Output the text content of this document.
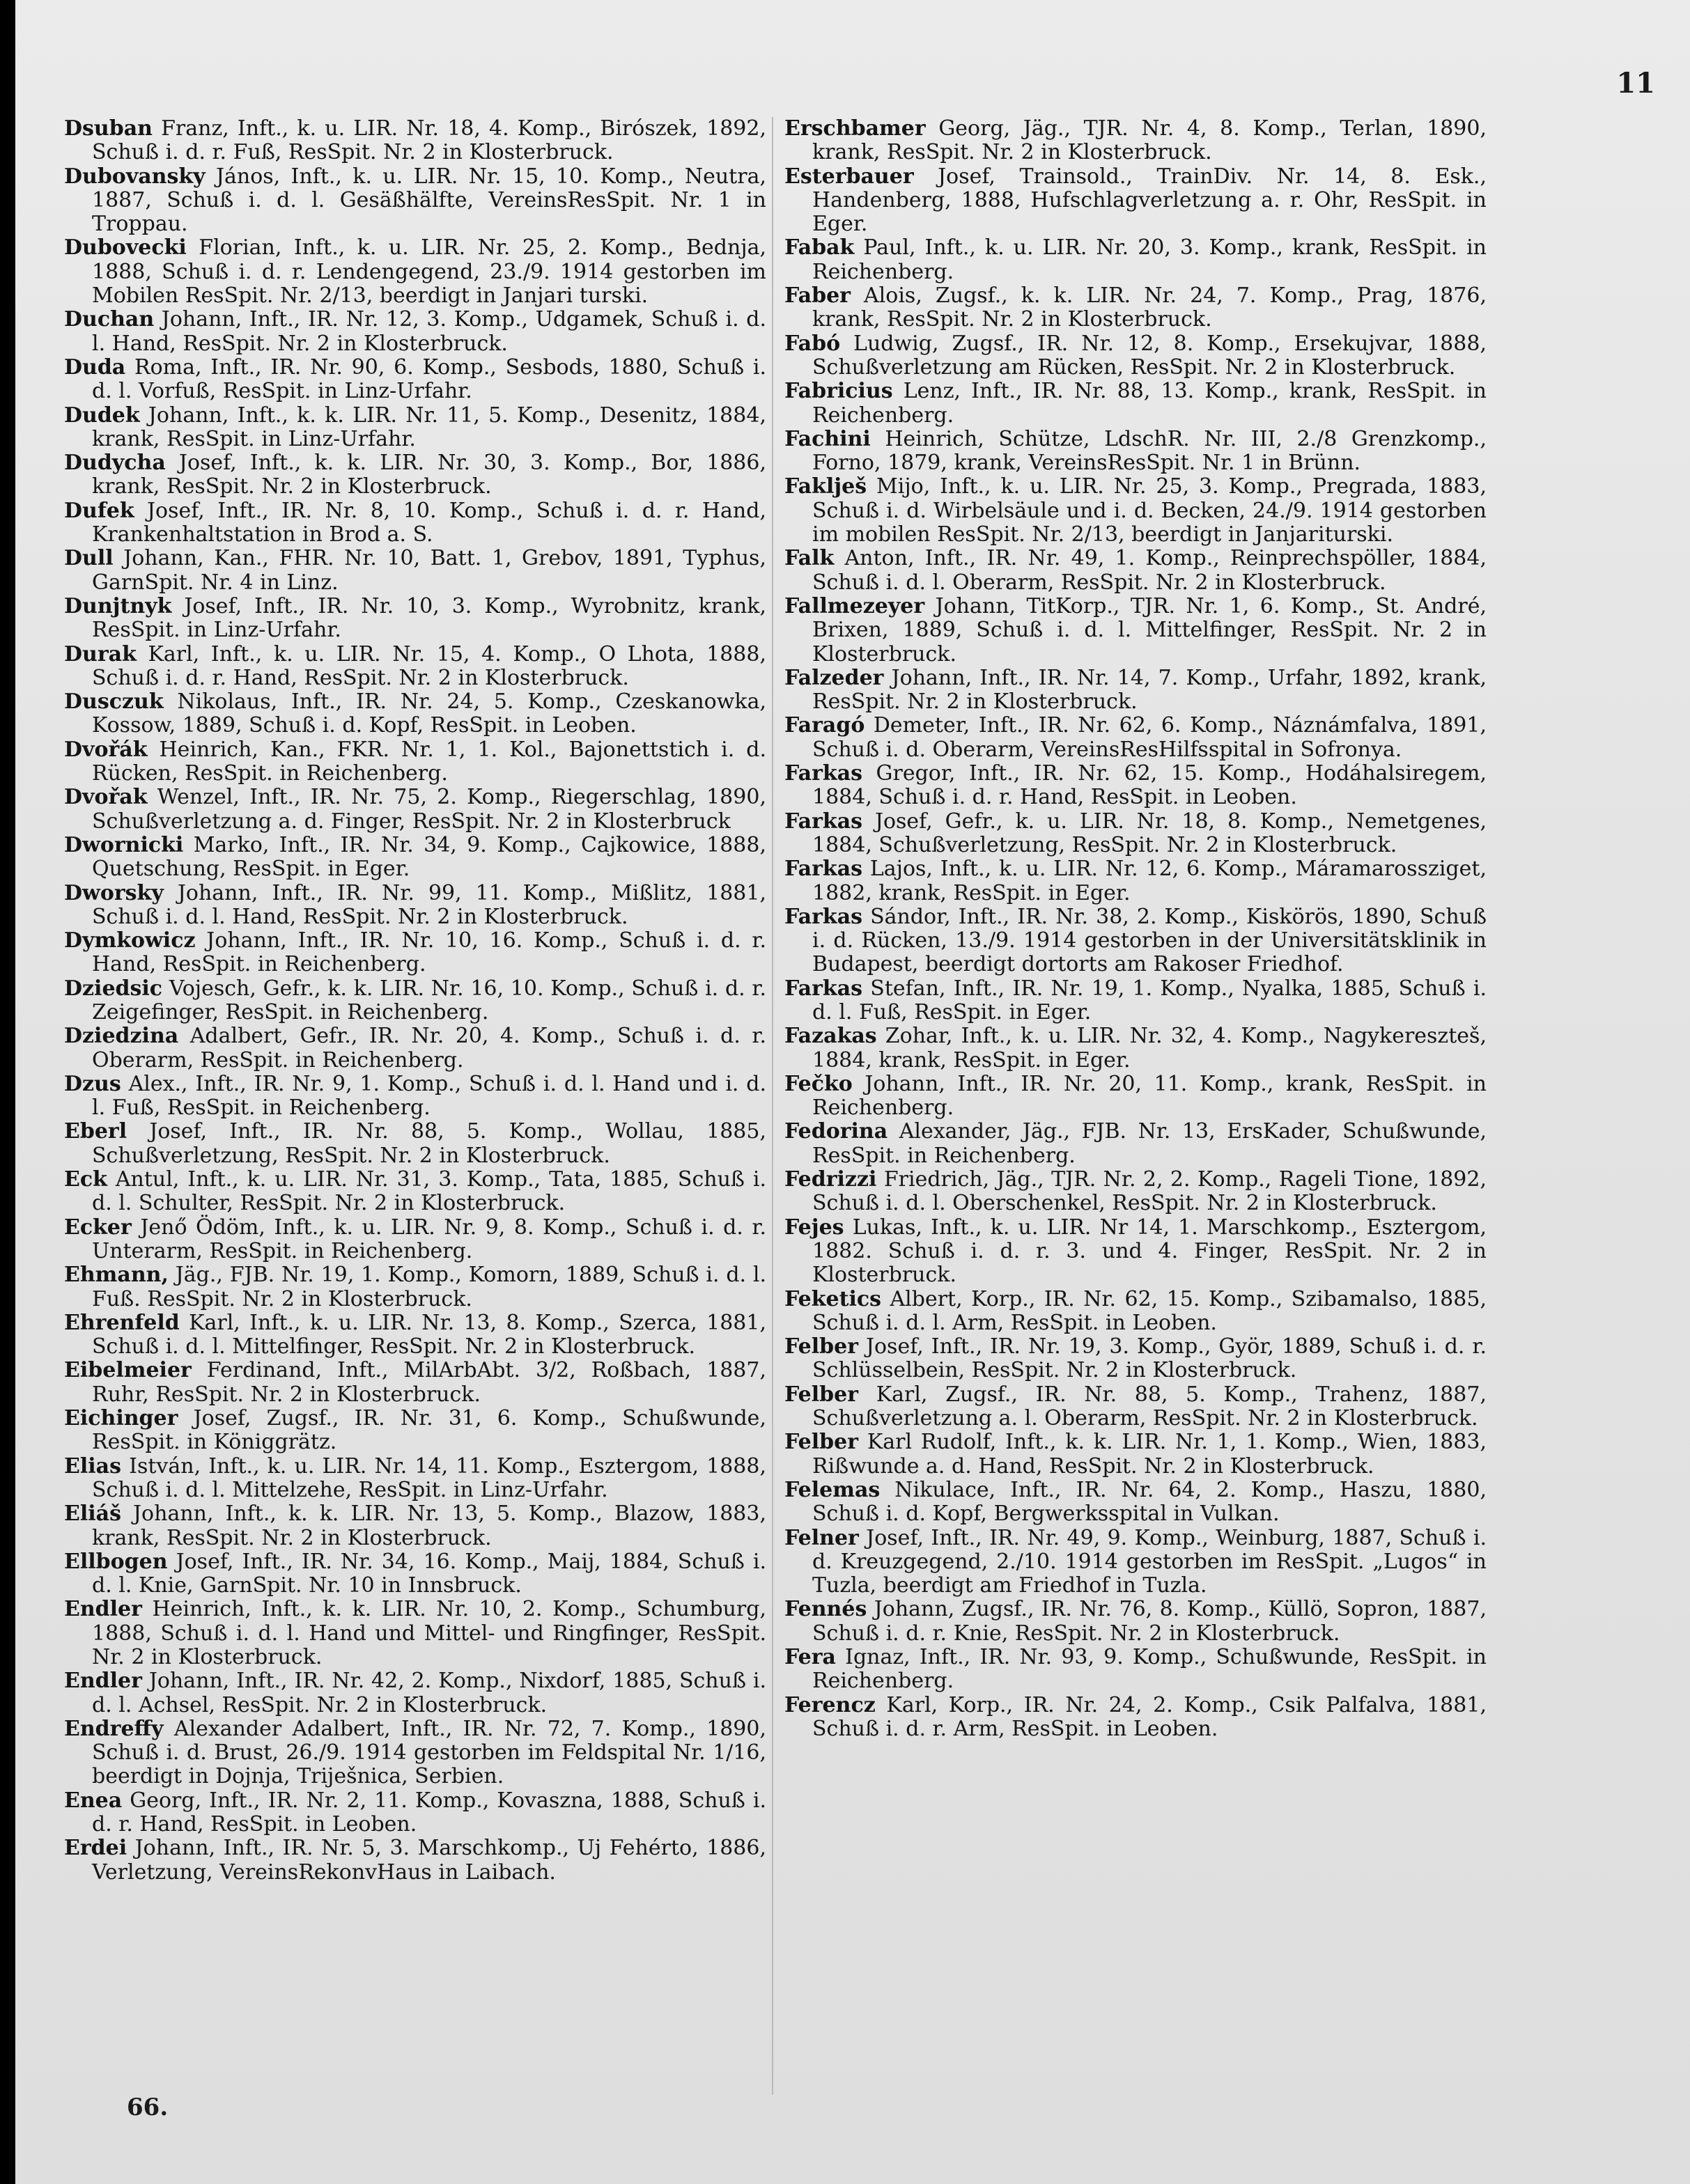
11
Dsuban Franz, Inft., k. u. LIR. Nr. 18, 4. Komp., Birószek, 1892, Schuß i. d. r. Fuß, ResSpit. Nr. 2 in Klosterbruck.
Dubovansky János, Inft., k. u. LIR. Nr. 15, 10. Komp., Neutra, 1887, Schuß i. d. l. Gesäßhälfte, VereinsResSpit. Nr. 1 in Troppau.
Dubovecki Florian, Inft., k. u. LIR. Nr. 25, 2. Komp., Bednja, 1888, Schuß i. d. r. Lendengegend, 23./9. 1914 gestorben im Mobilen ResSpit. Nr. 2/13, beerdigt in Janjari turski.
Duchan Johann, Inft., IR. Nr. 12, 3. Komp., Udgamek, Schuß i. d. l. Hand, ResSpit. Nr. 2 in Klosterbruck.
Duda Roma, Inft., IR. Nr. 90, 6. Komp., Sesbods, 1880, Schuß i. d. l. Vorfuß, ResSpit. in Linz-Urfahr.
Dudek Johann, Inft., k. k. LIR. Nr. 11, 5. Komp., Desenitz, 1884, krank, ResSpit. in Linz-Urfahr.
Dudycha Josef, Inft., k. k. LIR. Nr. 30, 3. Komp., Bor, 1886, krank, ResSpit. Nr. 2 in Klosterbruck.
Dufek Josef, Inft., IR. Nr. 8, 10. Komp., Schuß i. d. r. Hand, Krankenhaltstation in Brod a. S.
Dull Johann, Kan., FHR. Nr. 10, Batt. 1, Grebov, 1891, Typhus, GarnSpit. Nr. 4 in Linz.
Dunjtnyk Josef, Inft., IR. Nr. 10, 3. Komp., Wyrobnitz, krank, ResSpit. in Linz-Urfahr.
Durak Karl, Inft., k. u. LIR. Nr. 15, 4. Komp., O Lhota, 1888, Schuß i. d. r. Hand, ResSpit. Nr. 2 in Klosterbruck.
Dusczuk Nikolaus, Inft., IR. Nr. 24, 5. Komp., Czeskanowka, Kossow, 1889, Schuß i. d. Kopf, ResSpit. in Leoben.
Dvořák Heinrich, Kan., FKR. Nr. 1, 1. Kol., Bajonettstich i. d. Rücken, ResSpit. in Reichenberg.
Dvořak Wenzel, Inft., IR. Nr. 75, 2. Komp., Riegerschlag, 1890, Schußverletzung a. d. Finger, ResSpit. Nr. 2 in Klosterbruck
Dwornicki Marko, Inft., IR. Nr. 34, 9. Komp., Cajkowice, 1888, Quetschung, ResSpit. in Eger.
Dworsky Johann, Inft., IR. Nr. 99, 11. Komp., Mißlitz, 1881, Schuß i. d. l. Hand, ResSpit. Nr. 2 in Klosterbruck.
Dymkowicz Johann, Inft., IR. Nr. 10, 16. Komp., Schuß i. d. r. Hand, ResSpit. in Reichenberg.
Dziedsic Vojesch, Gefr., k. k. LIR. Nr. 16, 10. Komp., Schuß i. d. r. Zeigefinger, ResSpit. in Reichenberg.
Dziedzina Adalbert, Gefr., IR. Nr. 20, 4. Komp., Schuß i. d. r. Oberarm, ResSpit. in Reichenberg.
Dzus Alex., Inft., IR. Nr. 9, 1. Komp., Schuß i. d. l. Hand und i. d. l. Fuß, ResSpit. in Reichenberg.
Eberl Josef, Inft., IR. Nr. 88, 5. Komp., Wollau, 1885, Schußverletzung, ResSpit. Nr. 2 in Klosterbruck.
Eck Antul, Inft., k. u. LIR. Nr. 31, 3. Komp., Tata, 1885, Schuß i. d. l. Schulter, ResSpit. Nr. 2 in Klosterbruck.
Ecker Jenő Ödöm, Inft., k. u. LIR. Nr. 9, 8. Komp., Schuß i. d. r. Unterarm, ResSpit. in Reichenberg.
Ehmann, Jäg., FJB. Nr. 19, 1. Komp., Komorn, 1889, Schuß i. d. l. Fuß. ResSpit. Nr. 2 in Klosterbruck.
Ehrenfeld Karl, Inft., k. u. LIR. Nr. 13, 8. Komp., Szerca, 1881, Schuß i. d. l. Mittelfinger, ResSpit. Nr. 2 in Klosterbruck.
Eibelmeier Ferdinand, Inft., MilArbAbt. 3/2, Roßbach, 1887, Ruhr, ResSpit. Nr. 2 in Klosterbruck.
Eichinger Josef, Zugsf., IR. Nr. 31, 6. Komp., Schußwunde, ResSpit. in Königgrätz.
Elias István, Inft., k. u. LIR. Nr. 14, 11. Komp., Esztergom, 1888, Schuß i. d. l. Mittelzehe, ResSpit. in Linz-Urfahr.
Eliáš Johann, Inft., k. k. LIR. Nr. 13, 5. Komp., Blazow, 1883, krank, ResSpit. Nr. 2 in Klosterbruck.
Ellbogen Josef, Inft., IR. Nr. 34, 16. Komp., Maij, 1884, Schuß i. d. l. Knie, GarnSpit. Nr. 10 in Innsbruck.
Endler Heinrich, Inft., k. k. LIR. Nr. 10, 2. Komp., Schumburg, 1888, Schuß i. d. l. Hand und Mittel- und Ringfinger, ResSpit. Nr. 2 in Klosterbruck.
Endler Johann, Inft., IR. Nr. 42, 2. Komp., Nixdorf, 1885, Schuß i. d. l. Achsel, ResSpit. Nr. 2 in Klosterbruck.
Endreffy Alexander Adalbert, Inft., IR. Nr. 72, 7. Komp., 1890, Schuß i. d. Brust, 26./9. 1914 gestorben im Feldspital Nr. 1/16, beerdigt in Dojnja, Triješnica, Serbien.
Enea Georg, Inft., IR. Nr. 2, 11. Komp., Kovaszna, 1888, Schuß i. d. r. Hand, ResSpit. in Leoben.
Erdei Johann, Inft., IR. Nr. 5, 3. Marschkomp., Uj Fehérto, 1886, Verletzung, VereinsRekonvHaus in Laibach.
Erschbamer Georg, Jäg., TJR. Nr. 4, 8. Komp., Terlan, 1890, krank, ResSpit. Nr. 2 in Klosterbruck.
Esterbauer Josef, Trainsold., TrainDiv. Nr. 14, 8. Esk., Handenberg, 1888, Hufschlagverletzung a. r. Ohr, ResSpit. in Eger.
Fabak Paul, Inft., k. u. LIR. Nr. 20, 3. Komp., krank, ResSpit. in Reichenberg.
Faber Alois, Zugsf., k. k. LIR. Nr. 24, 7. Komp., Prag, 1876, krank, ResSpit. Nr. 2 in Klosterbruck.
Fabó Ludwig, Zugsf., IR. Nr. 12, 8. Komp., Ersekujvar, 1888, Schußverletzung am Rücken, ResSpit. Nr. 2 in Klosterbruck.
Fabricius Lenz, Inft., IR. Nr. 88, 13. Komp., krank, ResSpit. in Reichenberg.
Fachini Heinrich, Schütze, LdschR. Nr. III, 2./8 Grenzkomp., Forno, 1879, krank, VereinsResSpit. Nr. 1 in Brünn.
Faklješ Mijo, Inft., k. u. LIR. Nr. 25, 3. Komp., Pregrada, 1883, Schuß i. d. Wirbelsäule und i. d. Becken, 24./9. 1914 gestorben im mobilen ResSpit. Nr. 2/13, beerdigt in Janjariturski.
Falk Anton, Inft., IR. Nr. 49, 1. Komp., Reinprechspöller, 1884, Schuß i. d. l. Oberarm, ResSpit. Nr. 2 in Klosterbruck.
Fallmezeyer Johann, TitKorp., TJR. Nr. 1, 6. Komp., St. André, Brixen, 1889, Schuß i. d. l. Mittelfinger, ResSpit. Nr. 2 in Klosterbruck.
Falzeder Johann, Inft., IR. Nr. 14, 7. Komp., Urfahr, 1892, krank, ResSpit. Nr. 2 in Klosterbruck.
Faragó Demeter, Inft., IR. Nr. 62, 6. Komp., Náznámfalva, 1891, Schuß i. d. Oberarm, VereinsResHilfsspital in Sofronya.
Farkas Gregor, Inft., IR. Nr. 62, 15. Komp., Hodáhalsiregem, 1884, Schuß i. d. r. Hand, ResSpit. in Leoben.
Farkas Josef, Gefr., k. u. LIR. Nr. 18, 8. Komp., Nemetgenes, 1884, Schußverletzung, ResSpit. Nr. 2 in Klosterbruck.
Farkas Lajos, Inft., k. u. LIR. Nr. 12, 6. Komp., Máramarossziget, 1882, krank, ResSpit. in Eger.
Farkas Sándor, Inft., IR. Nr. 38, 2. Komp., Kiskörös, 1890, Schuß i. d. Rücken, 13./9. 1914 gestorben in der Universitätsklinik in Budapest, beerdigt dortorts am Rakoser Friedhof.
Farkas Stefan, Inft., IR. Nr. 19, 1. Komp., Nyalka, 1885, Schuß i. d. l. Fuß, ResSpit. in Eger.
Fazakas Zohar, Inft., k. u. LIR. Nr. 32, 4. Komp., Nagykereszteš, 1884, krank, ResSpit. in Eger.
Fečko Johann, Inft., IR. Nr. 20, 11. Komp., krank, ResSpit. in Reichenberg.
Fedorina Alexander, Jäg., FJB. Nr. 13, ErsKader, Schußwunde, ResSpit. in Reichenberg.
Fedrizzi Friedrich, Jäg., TJR. Nr. 2, 2. Komp., Rageli Tione, 1892, Schuß i. d. l. Oberschenkel, ResSpit. Nr. 2 in Klosterbruck.
Fejes Lukas, Inft., k. u. LIR. Nr 14, 1. Marschkomp., Esztergom, 1882. Schuß i. d. r. 3. und 4. Finger, ResSpit. Nr. 2 in Klosterbruck.
Feketics Albert, Korp., IR. Nr. 62, 15. Komp., Szibamalso, 1885, Schuß i. d. l. Arm, ResSpit. in Leoben.
Felber Josef, Inft., IR. Nr. 19, 3. Komp., Györ, 1889, Schuß i. d. r. Schlüsselbein, ResSpit. Nr. 2 in Klosterbruck.
Felber Karl, Zugsf., IR. Nr. 88, 5. Komp., Trahenz, 1887, Schußverletzung a. l. Oberarm, ResSpit. Nr. 2 in Klosterbruck.
Felber Karl Rudolf, Inft., k. k. LIR. Nr. 1, 1. Komp., Wien, 1883, Rißwunde a. d. Hand, ResSpit. Nr. 2 in Klosterbruck.
Felemas Nikulace, Inft., IR. Nr. 64, 2. Komp., Haszu, 1880, Schuß i. d. Kopf, Bergwerksspital in Vulkan.
Felner Josef, Inft., IR. Nr. 49, 9. Komp., Weinburg, 1887, Schuß i. d. Kreuzgegend, 2./10. 1914 gestorben im ResSpit. „Lugos“ in Tuzla, beerdigt am Friedhof in Tuzla.
Fennés Johann, Zugsf., IR. Nr. 76, 8. Komp., Küllö, Sopron, 1887, Schuß i. d. r. Knie, ResSpit. Nr. 2 in Klosterbruck.
Fera Ignaz, Inft., IR. Nr. 93, 9. Komp., Schußwunde, ResSpit. in Reichenberg.
Ferencz Karl, Korp., IR. Nr. 24, 2. Komp., Csik Palfalva, 1881, Schuß i. d. r. Arm, ResSpit. in Leoben.
66.
